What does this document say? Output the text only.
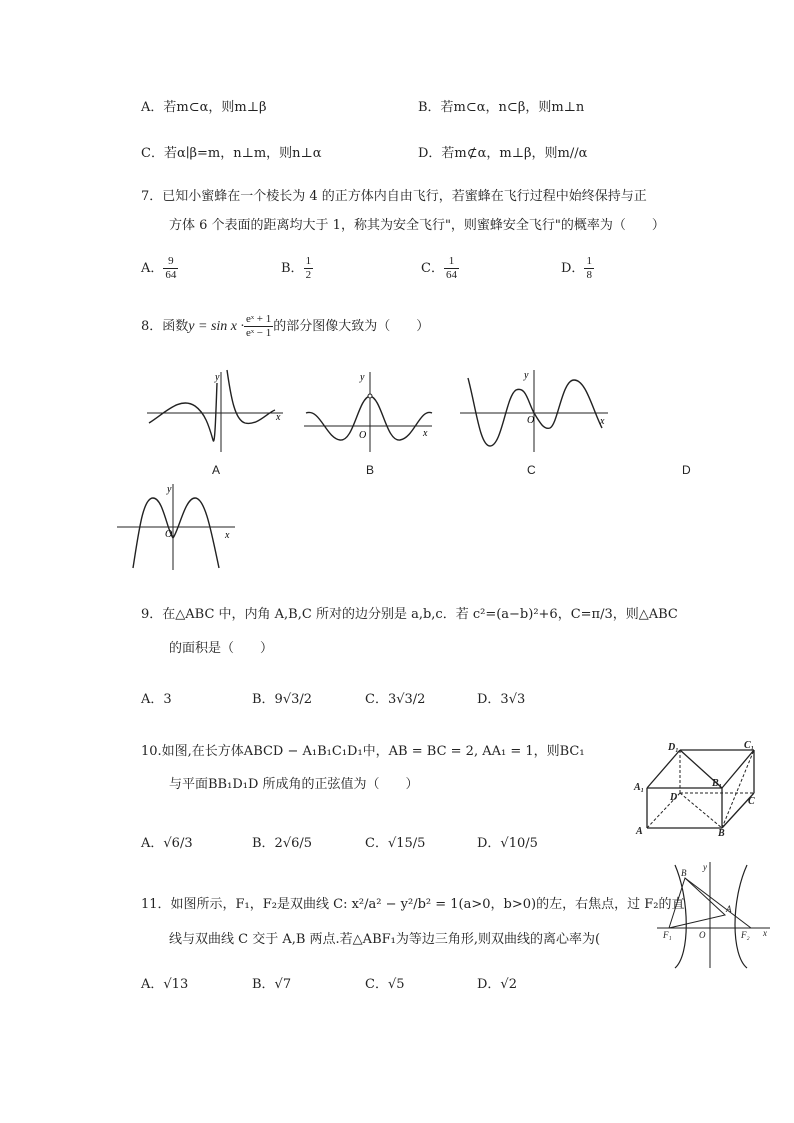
A．若m⊂α，则m⊥β	B．若m⊂α，n⊂β，则m⊥n
C．若α∣β=m，n⊥m，则n⊥α	D．若m⊄α，m⊥β，则m//α
7．已知小蜜蜂在一个棱长为 4 的正方体内自由飞行，若蜜蜂在飞行过程中始终保持与正
方体 6 个表面的距离均大于 1，称其为安全飞行"，则蜜蜂安全飞行"的概率为（　　）
A． $\frac{9}{64}$	B． $\frac{1}{2}$	C． $\frac{1}{64}$	D． $\frac{1}{8}$
8．函数$y = \sin x \cdot \frac{\text{eˣ + 1}}{\text{eˣ − 1}}$ 的部分图像大致为（　　）
y
x
A
y
O	x
B
y
O	x
C	D
y
O	x
9．在△ABC 中，内角 A,B,C 所对的边分别是 a,b,c．若 c²=(a−b)²+6，C=π/3，则△ABC
的面积是（　　）
A．3	B．9√3/2	C．3√3/2	D．3√3
10.如图,在长方体ABCD − A₁B₁C₁D₁中，AB = BC = 2, AA₁ = 1，则BC₁
与平面BB₁D₁D 所成角的正弦值为（　　）
A．√6/3	B．2√6/5	C．√15/5	D．√10/5
D₁	C₁
A₁	B₁
D	C
A	B
11．如图所示，F₁，F₂是双曲线 C: x²/a² − y²/b² = 1(a>0，b>0)的左，右焦点，过 F₂的直
线与双曲线 C 交于 A,B 两点.若△ABF₁为等边三角形,则双曲线的离心率为(
A．√13	B．√7	C．√5	D．√2
y
B
A
F₁	O	F₂ x
